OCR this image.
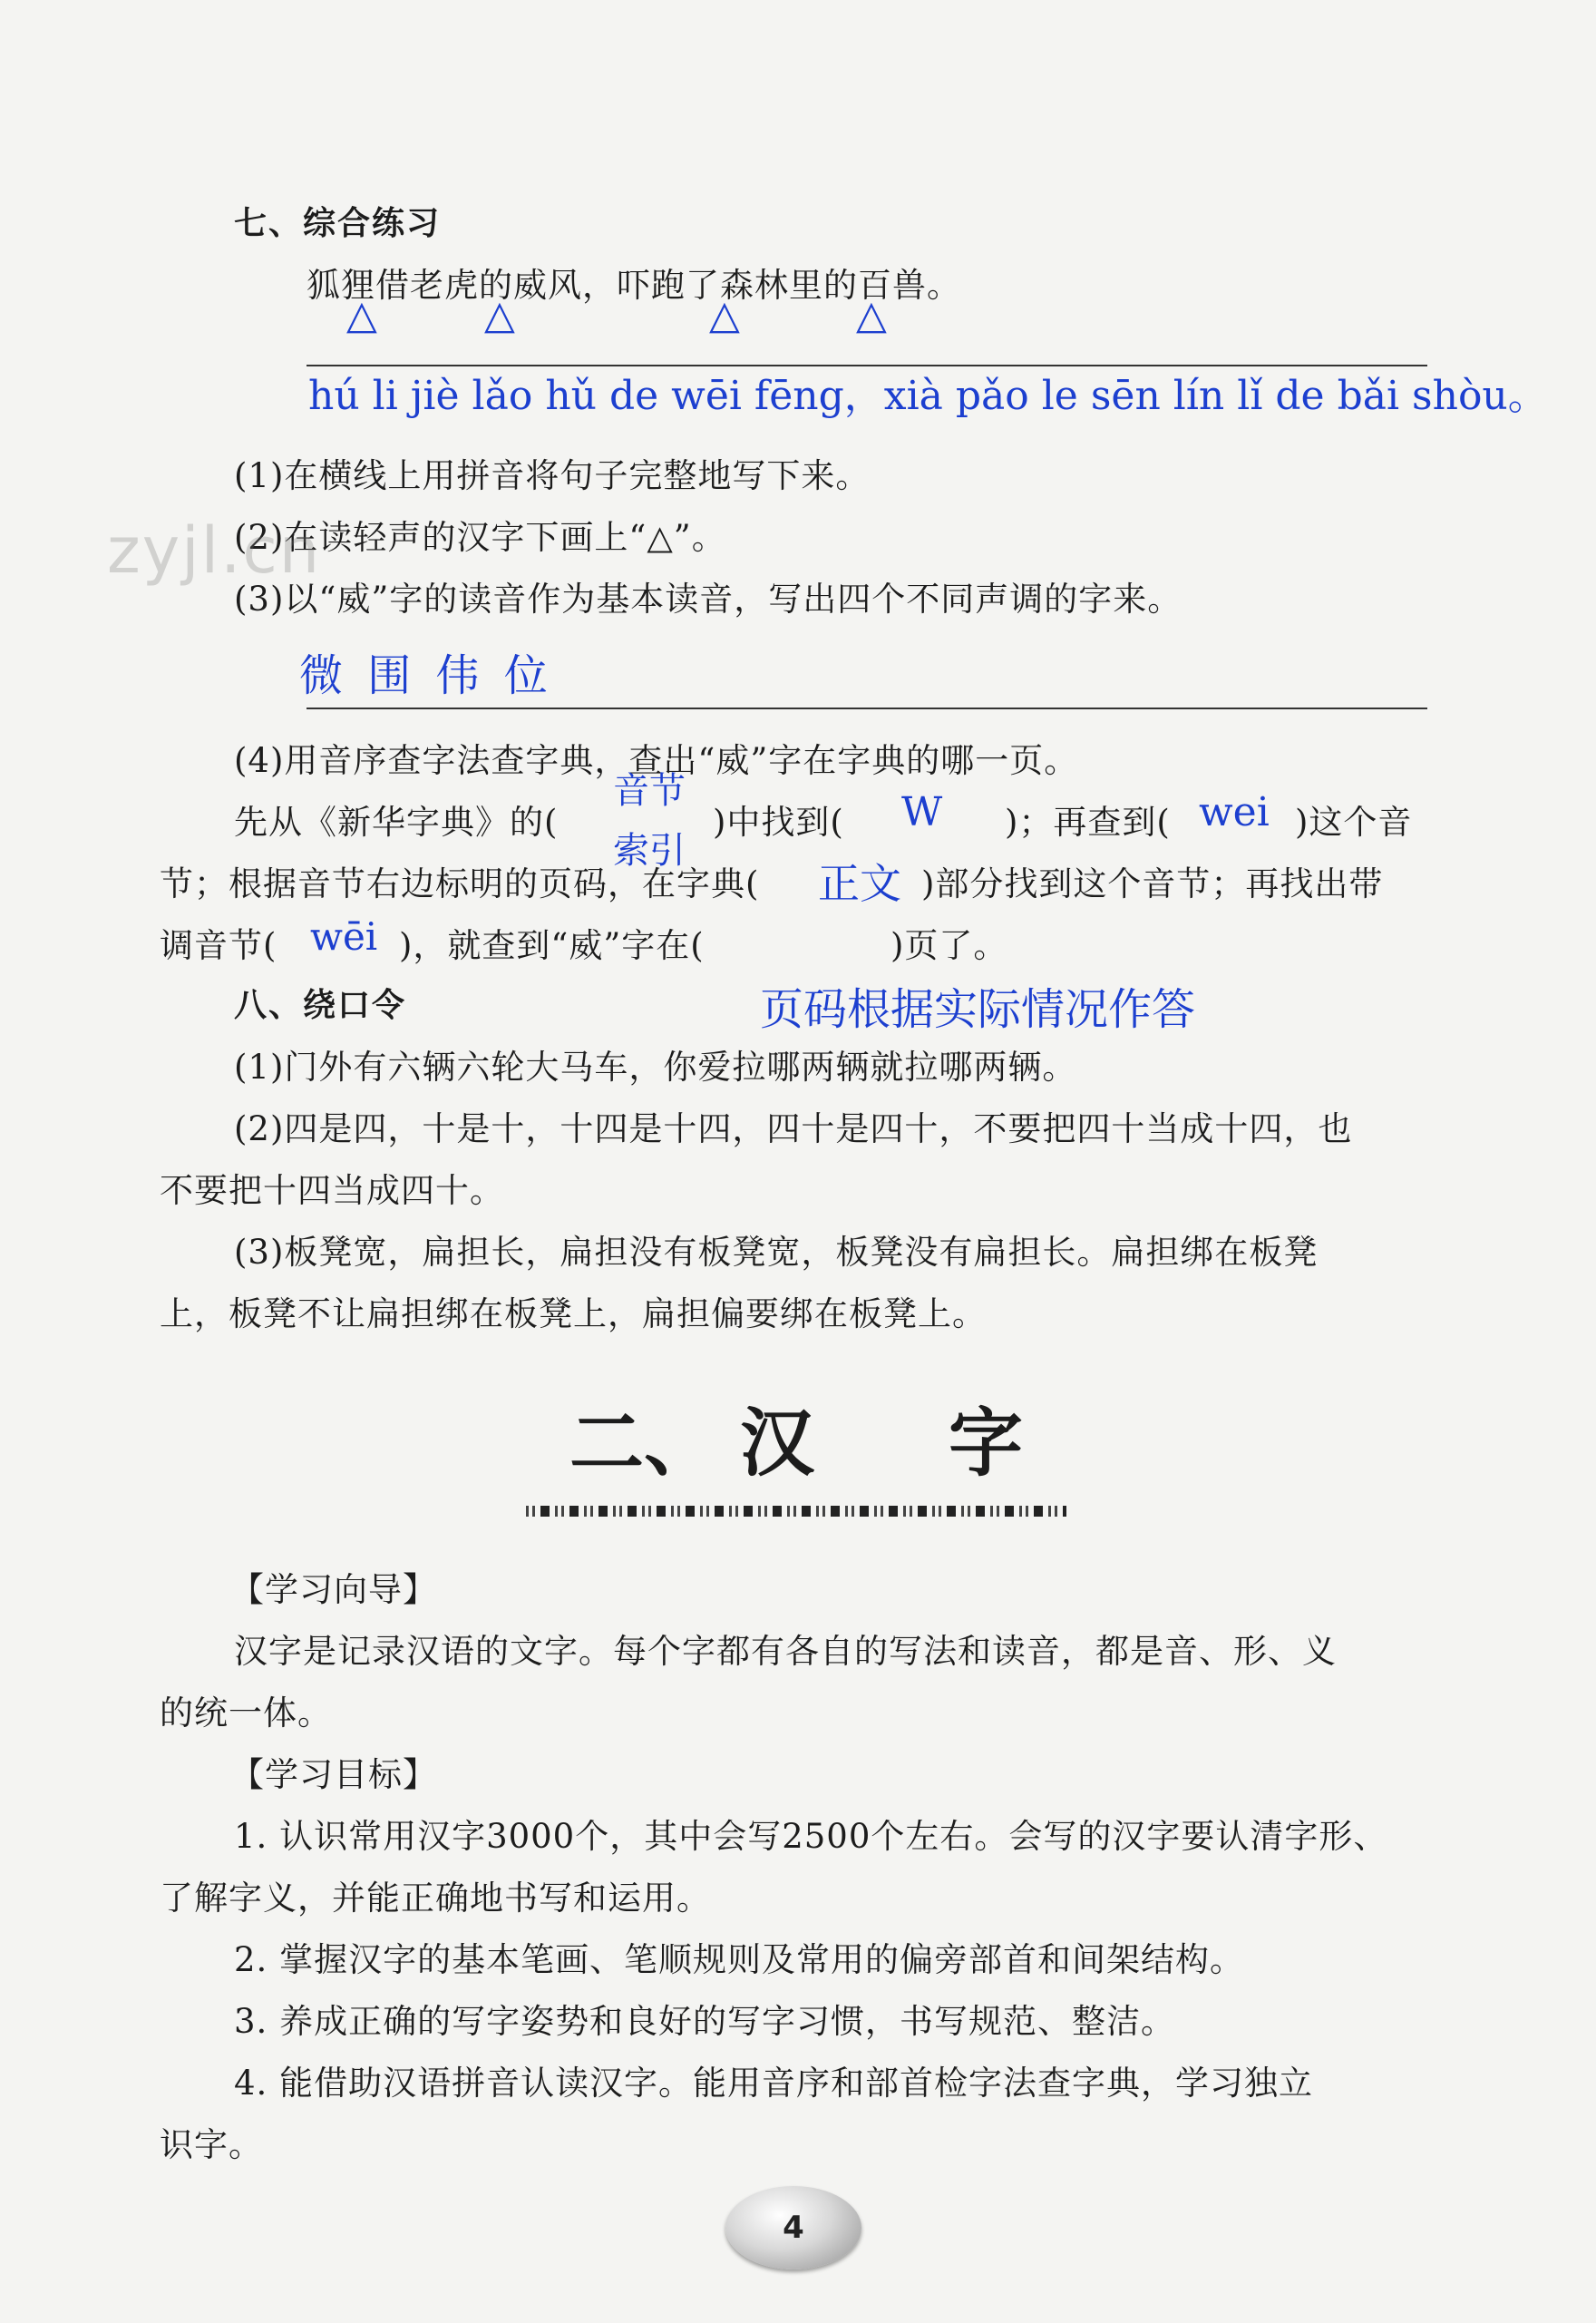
七、综合练习
狐狸借老虎的威风，吓跑了森林里的百兽。
△	△	△	△
hú li jiè lǎo hǔ de wēi fēng，xià pǎo le sēn lín lǐ de bǎi shòu。
(1)在横线上用拼音将句子完整地写下来。
(2)在读轻声的汉字下画上“△”。
zyjl.cn
(3)以“威”字的读音作为基本读音，写出四个不同声调的字来。
微 围 伟 位
(4)用音序查字法查字典，查出“威”字在字典的哪一页。
先从《新华字典》的(
音节
)中找到( W )；再查到( wei )这个音
索引
节；根据音节右边标明的页码，在字典( 正文 )部分找到这个音节；再找出带
调音节( wēi )，就查到“威”字在(	)页了。
八、绕口令	页码根据实际情况作答
(1)门外有六辆六轮大马车，你爱拉哪两辆就拉哪两辆。
(2)四是四，十是十，十四是十四，四十是四十，不要把四十当成十四，也
不要把十四当成四十。
(3)板凳宽，扁担长，扁担没有板凳宽，板凳没有扁担长。扁担绑在板凳
上，板凳不让扁担绑在板凳上，扁担偏要绑在板凳上。
二、 汉 字
【学习向导】
汉字是记录汉语的文字。每个字都有各自的写法和读音，都是音、形、义
的统一体。
【学习目标】
1. 认识常用汉字3000个，其中会写2500个左右。会写的汉字要认清字形、
了解字义，并能正确地书写和运用。
2. 掌握汉字的基本笔画、笔顺规则及常用的偏旁部首和间架结构。
3. 养成正确的写字姿势和良好的写字习惯，书写规范、整洁。
4. 能借助汉语拼音认读汉字。能用音序和部首检字法查字典，学习独立
识字。
4
